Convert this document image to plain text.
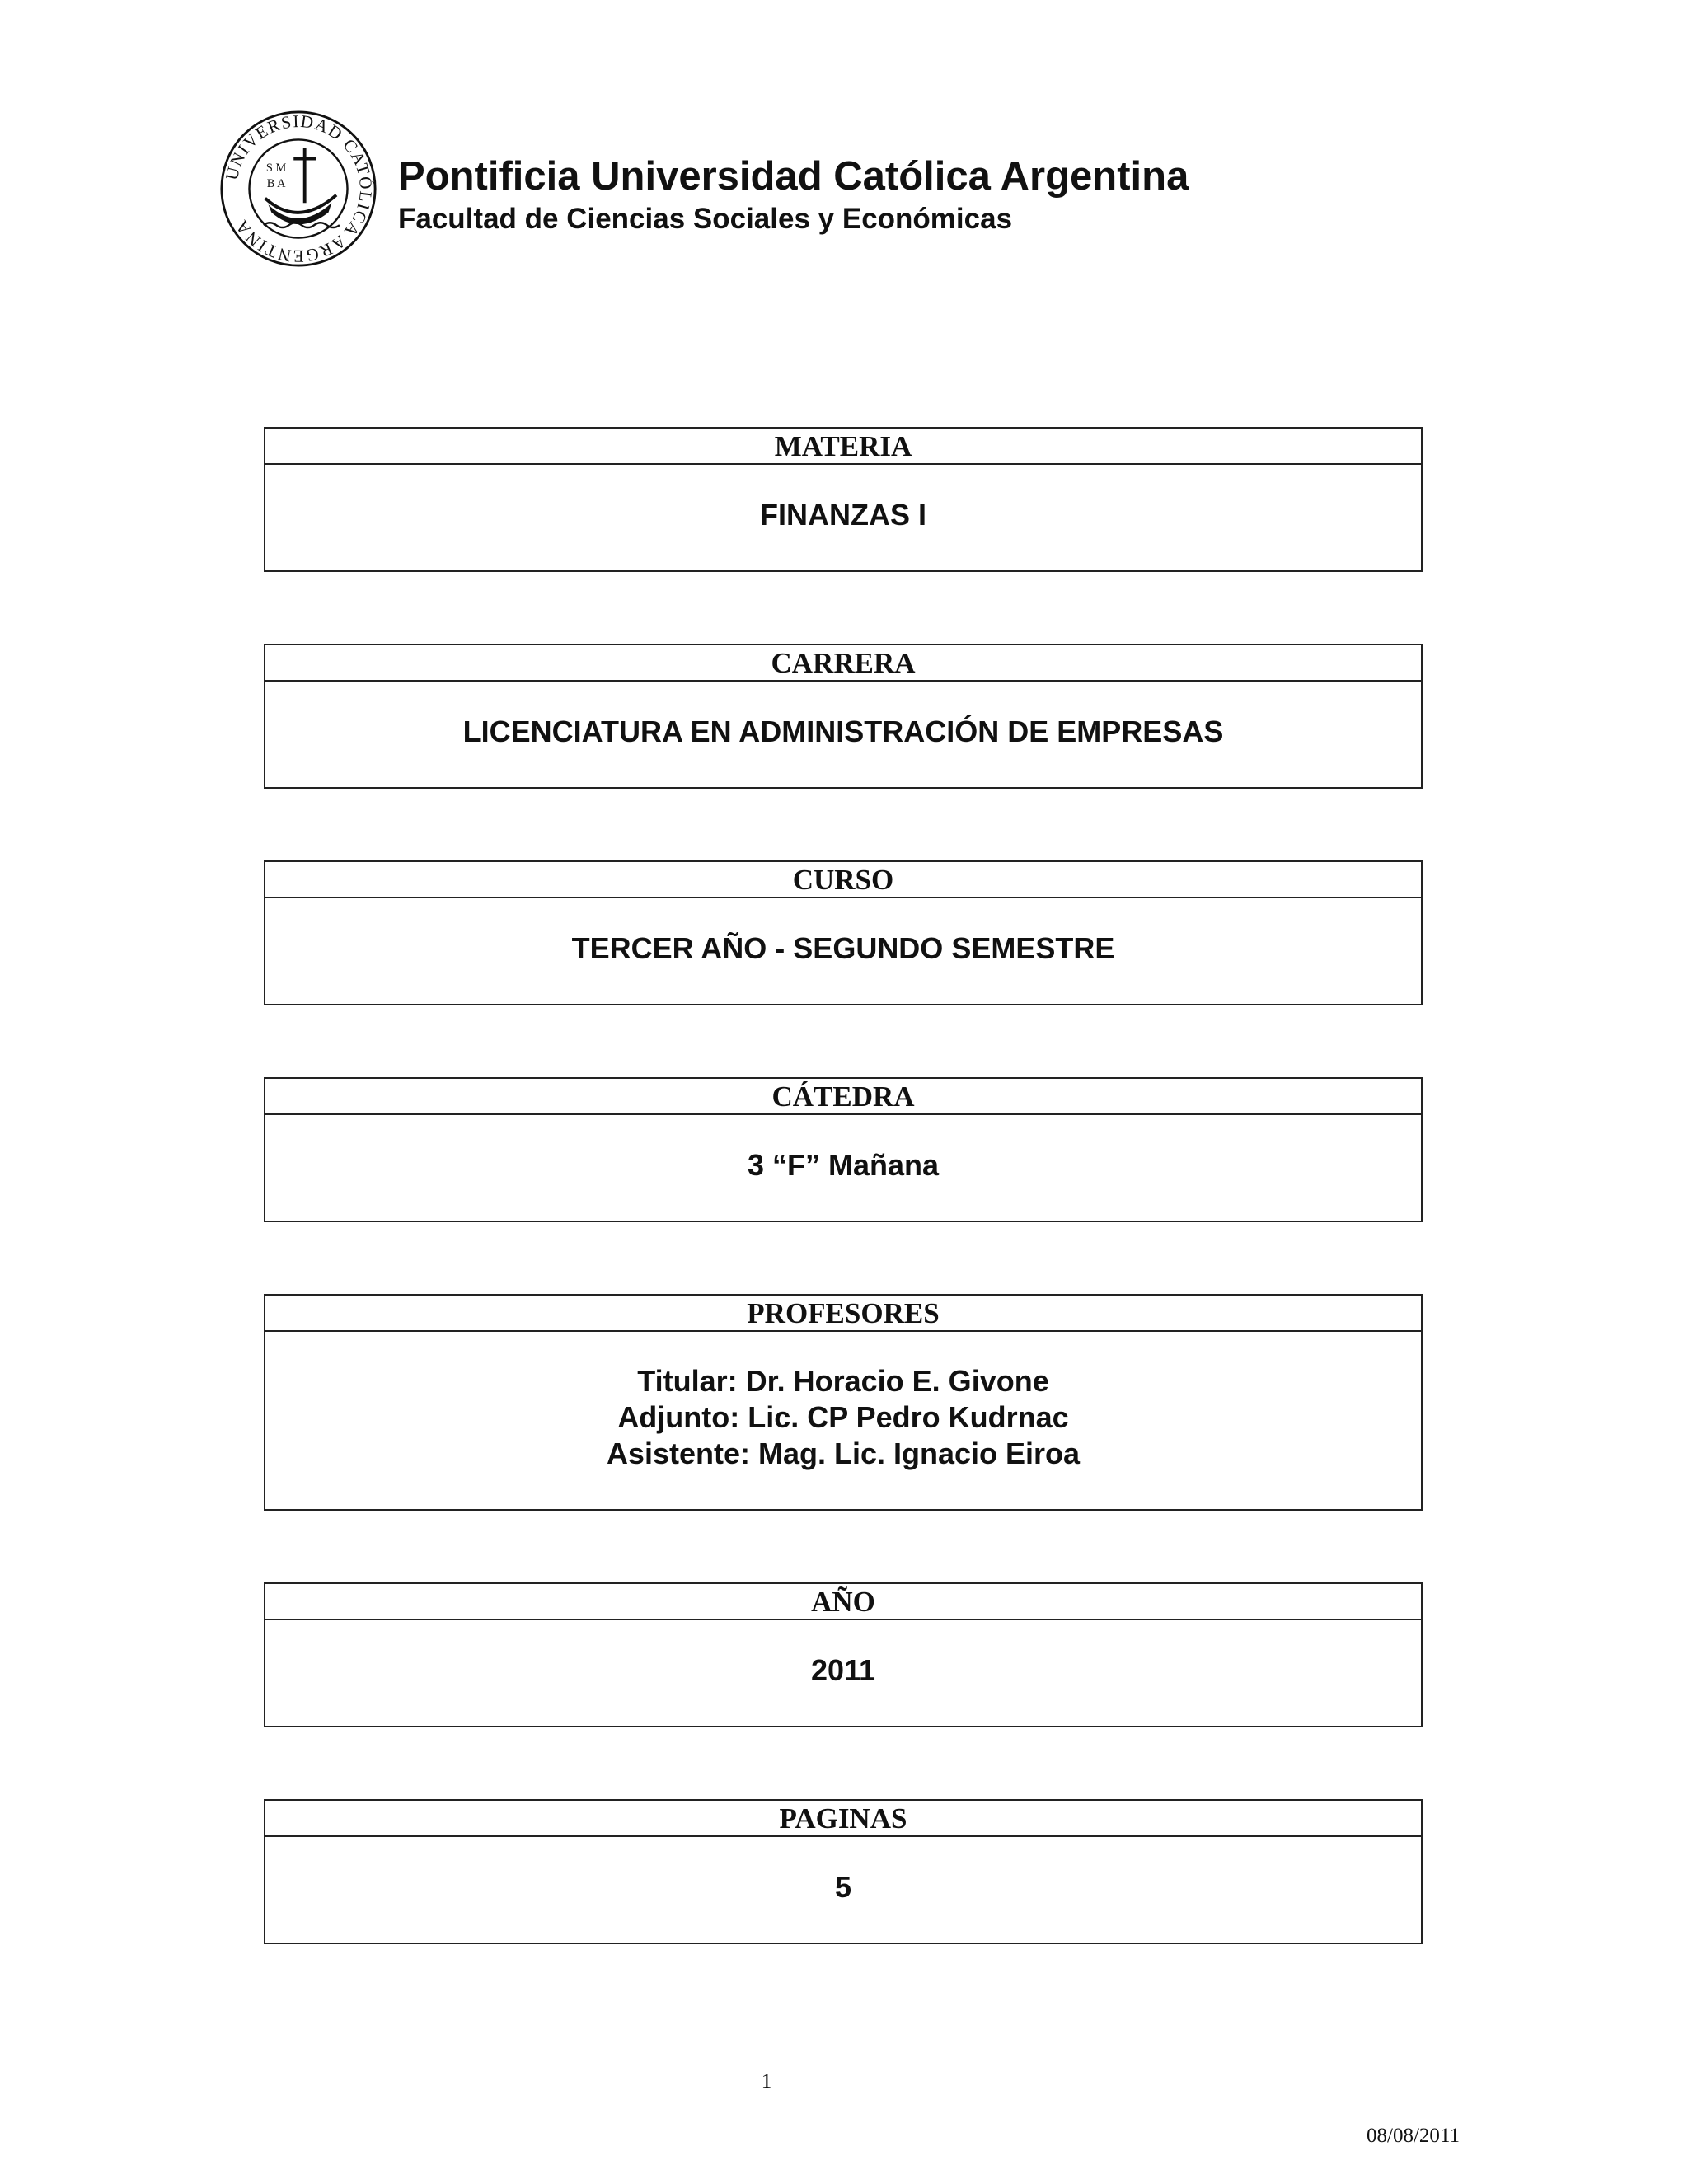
UNIVERSIDAD CATÓLICA ARGENTINA
S M
B A	Pontificia Universidad Católica Argentina
Facultad de Ciencias Sociales y Económicas
MATERIA
FINANZAS I
CARRERA
LICENCIATURA EN ADMINISTRACIÓN DE EMPRESAS
CURSO
TERCER AÑO - SEGUNDO SEMESTRE
CÁTEDRA
3 “F” Mañana
PROFESORES
Titular: Dr. Horacio E. Givone
Adjunto: Lic. CP Pedro Kudrnac
Asistente: Mag. Lic. Ignacio Eiroa
AÑO
2011
PAGINAS
5
1
08/08/2011
